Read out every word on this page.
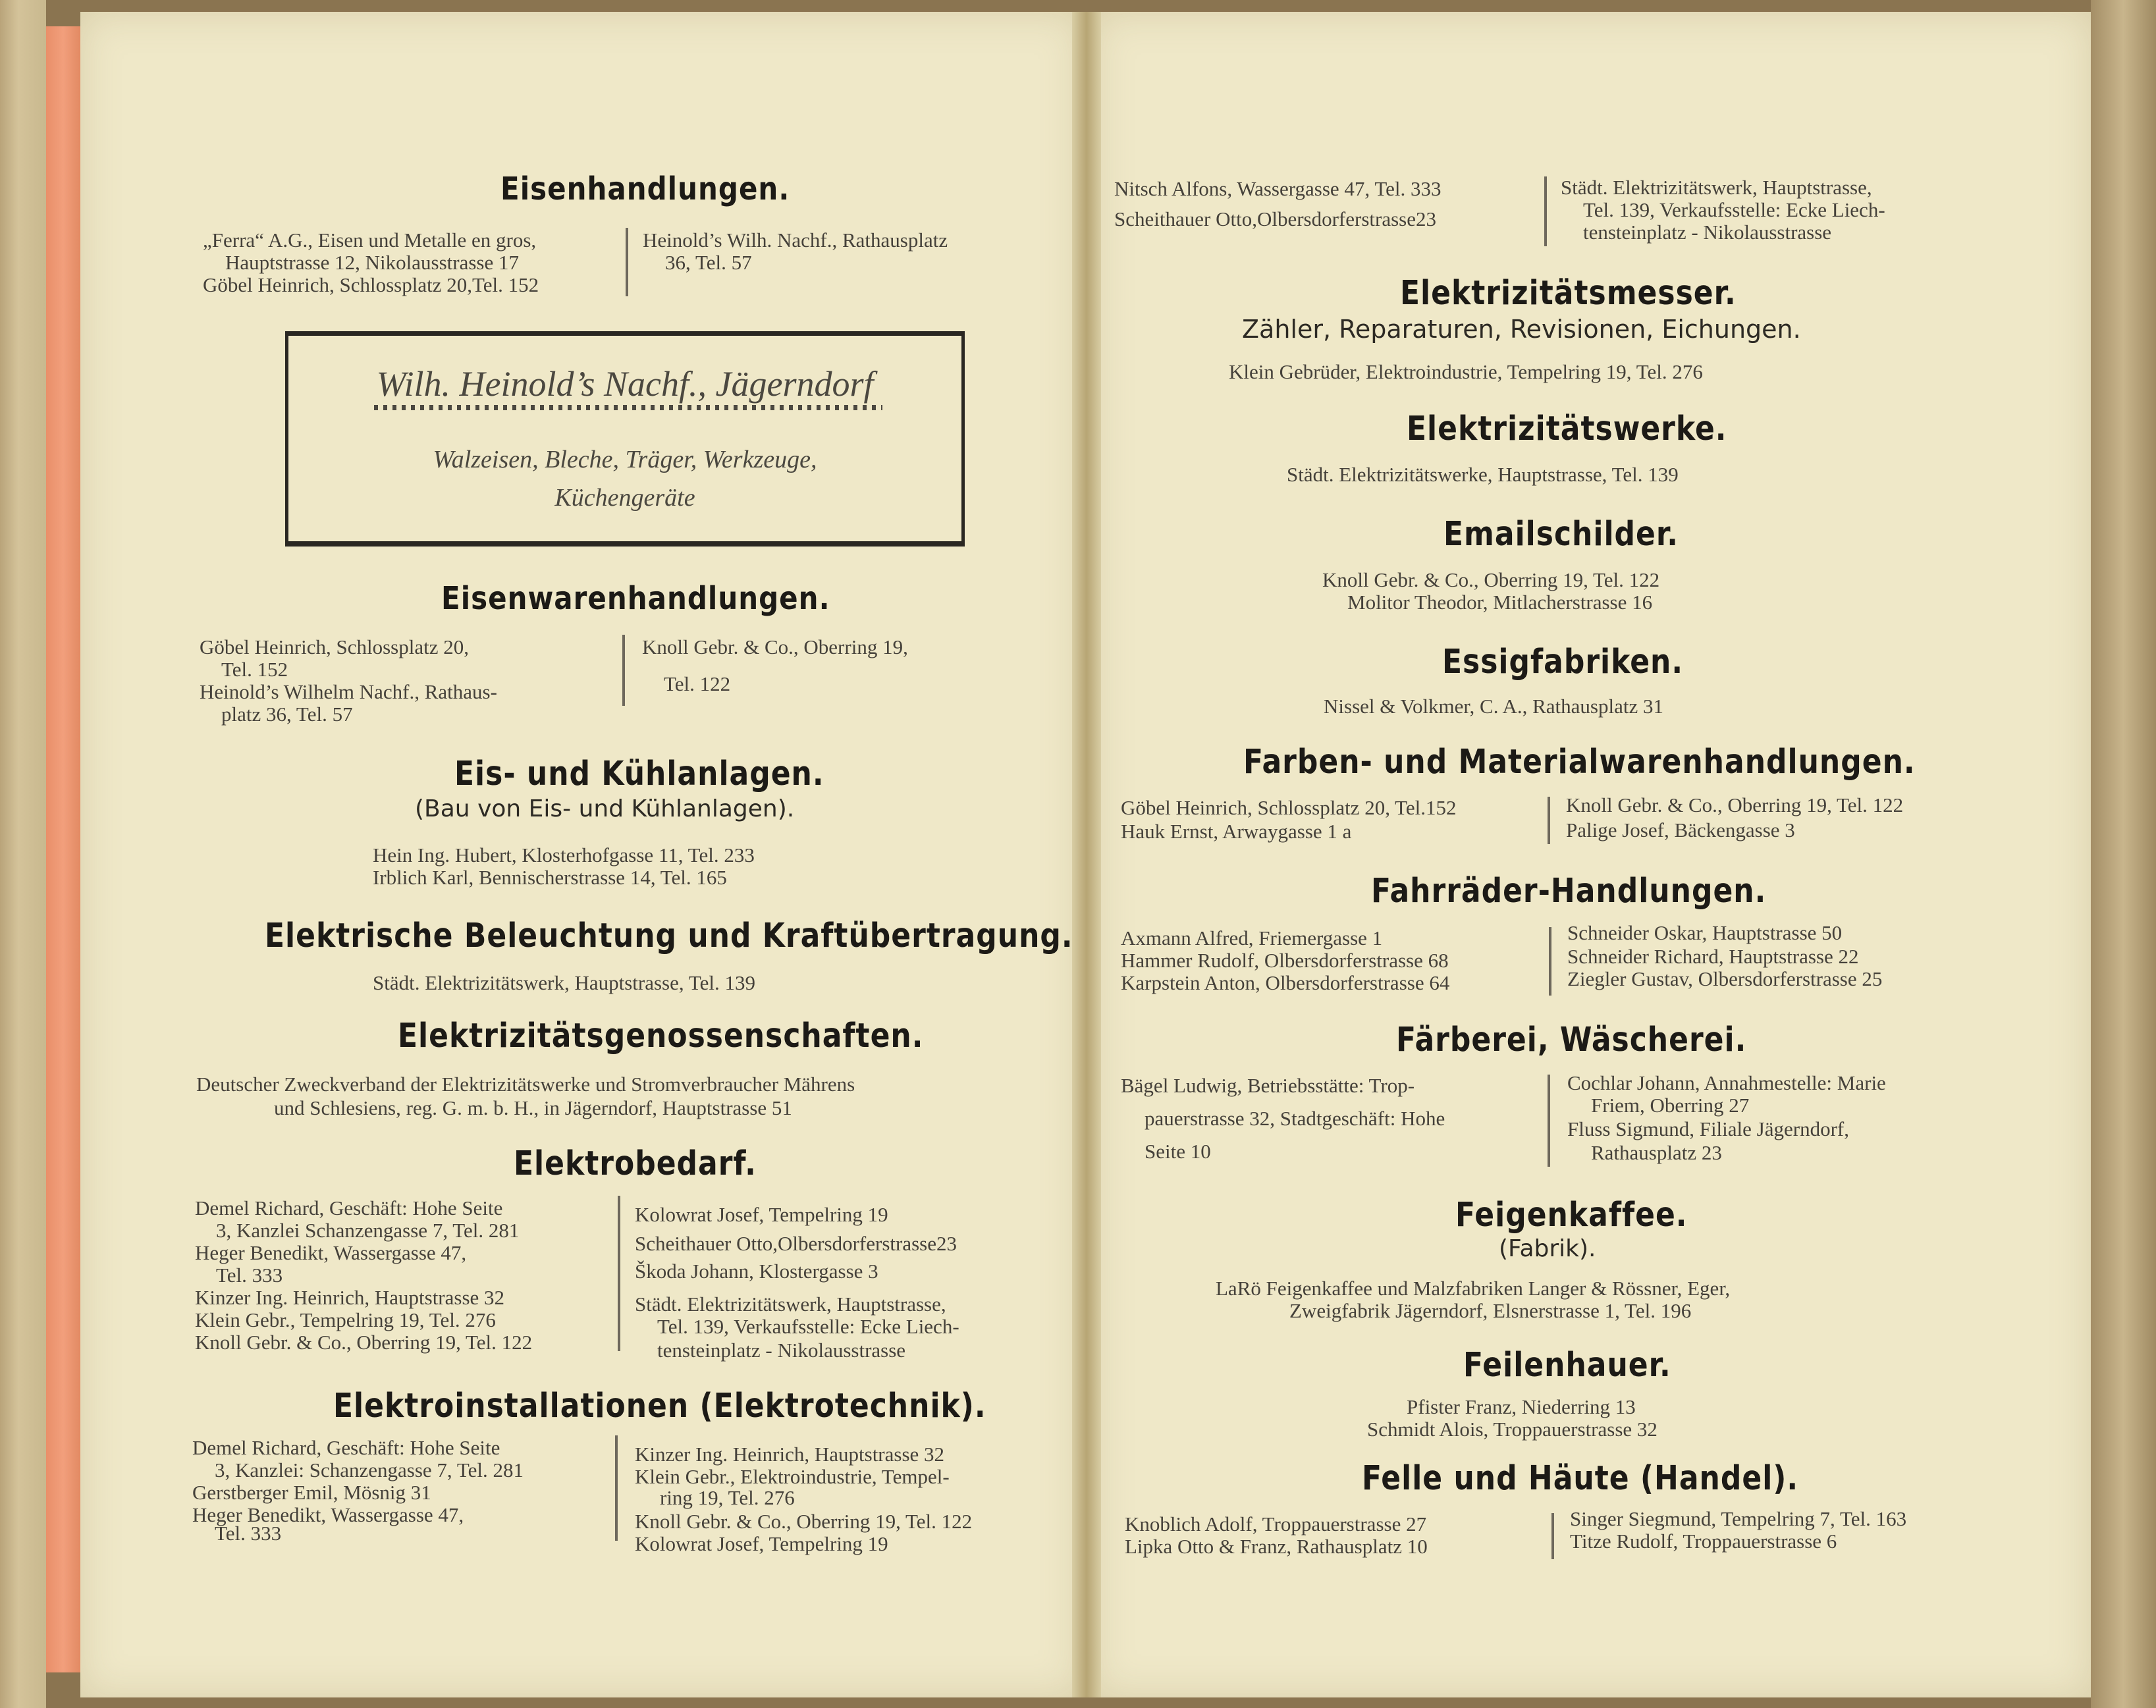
Eisenhandlungen.
„Ferra“ A.G., Eisen und Metalle en gros,
Hauptstrasse 12, Nikolausstrasse 17
Göbel Heinrich, Schlossplatz 20,Tel. 152
Heinold’s Wilh. Nachf., Rathausplatz
36, Tel. 57
Wilh. Heinold’s Nachf., Jägerndorf
Walzeisen, Bleche, Träger, Werkzeuge,
Küchengeräte
Eisenwarenhandlungen.
Göbel Heinrich, Schlossplatz 20,
Tel. 152
Heinold’s Wilhelm Nachf., Rathaus-
platz 36, Tel. 57
Knoll Gebr. & Co., Oberring 19,
Tel. 122
Eis- und Kühlanlagen.
(Bau von Eis- und Kühlanlagen).
Hein Ing. Hubert, Klosterhofgasse 11, Tel. 233
Irblich Karl, Bennischerstrasse 14, Tel. 165
Elektrische Beleuchtung und Kraftübertragung.
Städt. Elektrizitätswerk, Hauptstrasse, Tel. 139
Elektrizitätsgenossenschaften.
Deutscher Zweckverband der Elektrizitätswerke und Stromverbraucher Mährens
und Schlesiens, reg. G. m. b. H., in Jägerndorf, Hauptstrasse 51
Elektrobedarf.
Demel Richard, Geschäft: Hohe Seite
3, Kanzlei Schanzengasse 7, Tel. 281
Heger Benedikt, Wassergasse 47,
Tel. 333
Kinzer Ing. Heinrich, Hauptstrasse 32
Klein Gebr., Tempelring 19, Tel. 276
Knoll Gebr. & Co., Oberring 19, Tel. 122
Kolowrat Josef, Tempelring 19
Scheithauer Otto,Olbersdorferstrasse23
Škoda Johann, Klostergasse 3
Städt. Elektrizitätswerk, Hauptstrasse,
Tel. 139, Verkaufsstelle: Ecke Liech-
tensteinplatz - Nikolausstrasse
Elektroinstallationen (Elektrotechnik).
Demel Richard, Geschäft: Hohe Seite
3, Kanzlei: Schanzengasse 7, Tel. 281
Gerstberger Emil, Mösnig 31
Heger Benedikt, Wassergasse 47,
Tel. 333
Kinzer Ing. Heinrich, Hauptstrasse 32
Klein Gebr., Elektroindustrie, Tempel-
ring 19, Tel. 276
Knoll Gebr. & Co., Oberring 19, Tel. 122
Kolowrat Josef, Tempelring 19
Nitsch Alfons, Wassergasse 47, Tel. 333
Scheithauer Otto,Olbersdorferstrasse23
Städt. Elektrizitätswerk, Hauptstrasse,
Tel. 139, Verkaufsstelle: Ecke Liech-
tensteinplatz - Nikolausstrasse
Elektrizitätsmesser.
Zähler, Reparaturen, Revisionen, Eichungen.
Klein Gebrüder, Elektroindustrie, Tempelring 19, Tel. 276
Elektrizitätswerke.
Städt. Elektrizitätswerke, Hauptstrasse, Tel. 139
Emailschilder.
Knoll Gebr. & Co., Oberring 19, Tel. 122
Molitor Theodor, Mitlacherstrasse 16
Essigfabriken.
Nissel & Volkmer, C. A., Rathausplatz 31
Farben- und Materialwarenhandlungen.
Göbel Heinrich, Schlossplatz 20, Tel.152
Hauk Ernst, Arwaygasse 1 a
Knoll Gebr. & Co., Oberring 19, Tel. 122
Palige Josef, Bäckengasse 3
Fahrräder-Handlungen.
Axmann Alfred, Friemergasse 1
Hammer Rudolf, Olbersdorferstrasse 68
Karpstein Anton, Olbersdorferstrasse 64
Schneider Oskar, Hauptstrasse 50
Schneider Richard, Hauptstrasse 22
Ziegler Gustav, Olbersdorferstrasse 25
Färberei, Wäscherei.
Bägel Ludwig, Betriebsstätte: Trop-
pauerstrasse 32, Stadtgeschäft: Hohe
Seite 10
Cochlar Johann, Annahmestelle: Marie
Friem, Oberring 27
Fluss Sigmund, Filiale Jägerndorf,
Rathausplatz 23
Feigenkaffee.
(Fabrik).
LaRö Feigenkaffee und Malzfabriken Langer & Rössner, Eger,
Zweigfabrik Jägerndorf, Elsnerstrasse 1, Tel. 196
Feilenhauer.
Pfister Franz, Niederring 13
Schmidt Alois, Troppauerstrasse 32
Felle und Häute (Handel).
Knoblich Adolf, Troppauerstrasse 27
Lipka Otto & Franz, Rathausplatz 10
Singer Siegmund, Tempelring 7, Tel. 163
Titze Rudolf, Troppauerstrasse 6
